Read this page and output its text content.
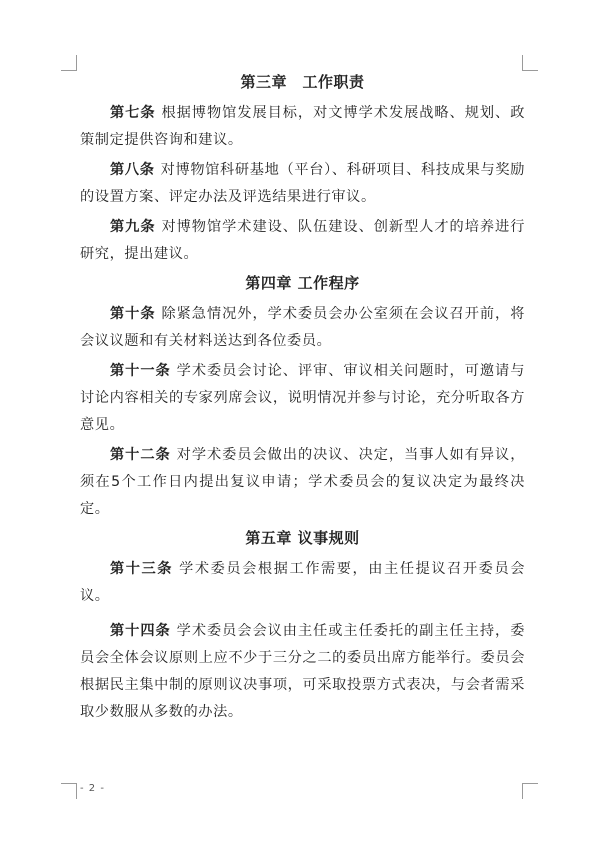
第三章　工作职责

第七条 根据博物馆发展目标，对文博学术发展战略、规划、政策制定提供咨询和建议。

第八条 对博物馆科研基地（平台）、科研项目、科技成果与奖励的设置方案、评定办法及评选结果进行审议。

第九条 对博物馆学术建设、队伍建设、创新型人才的培养进行研究，提出建议。

第四章 工作程序

第十条 除紧急情况外，学术委员会办公室须在会议召开前，将会议议题和有关材料送达到各位委员。

第十一条 学术委员会讨论、评审、审议相关问题时，可邀请与讨论内容相关的专家列席会议，说明情况并参与讨论，充分听取各方意见。

第十二条 对学术委员会做出的决议、决定，当事人如有异议，须在5个工作日内提出复议申请；学术委员会的复议决定为最终决定。

第五章 议事规则

第十三条 学术委员会根据工作需要，由主任提议召开委员会议。

第十四条 学术委员会会议由主任或主任委托的副主任主持，委员会全体会议原则上应不少于三分之二的委员出席方能举行。委员会根据民主集中制的原则议决事项，可采取投票方式表决，与会者需采取少数服从多数的办法。

- 2 -
